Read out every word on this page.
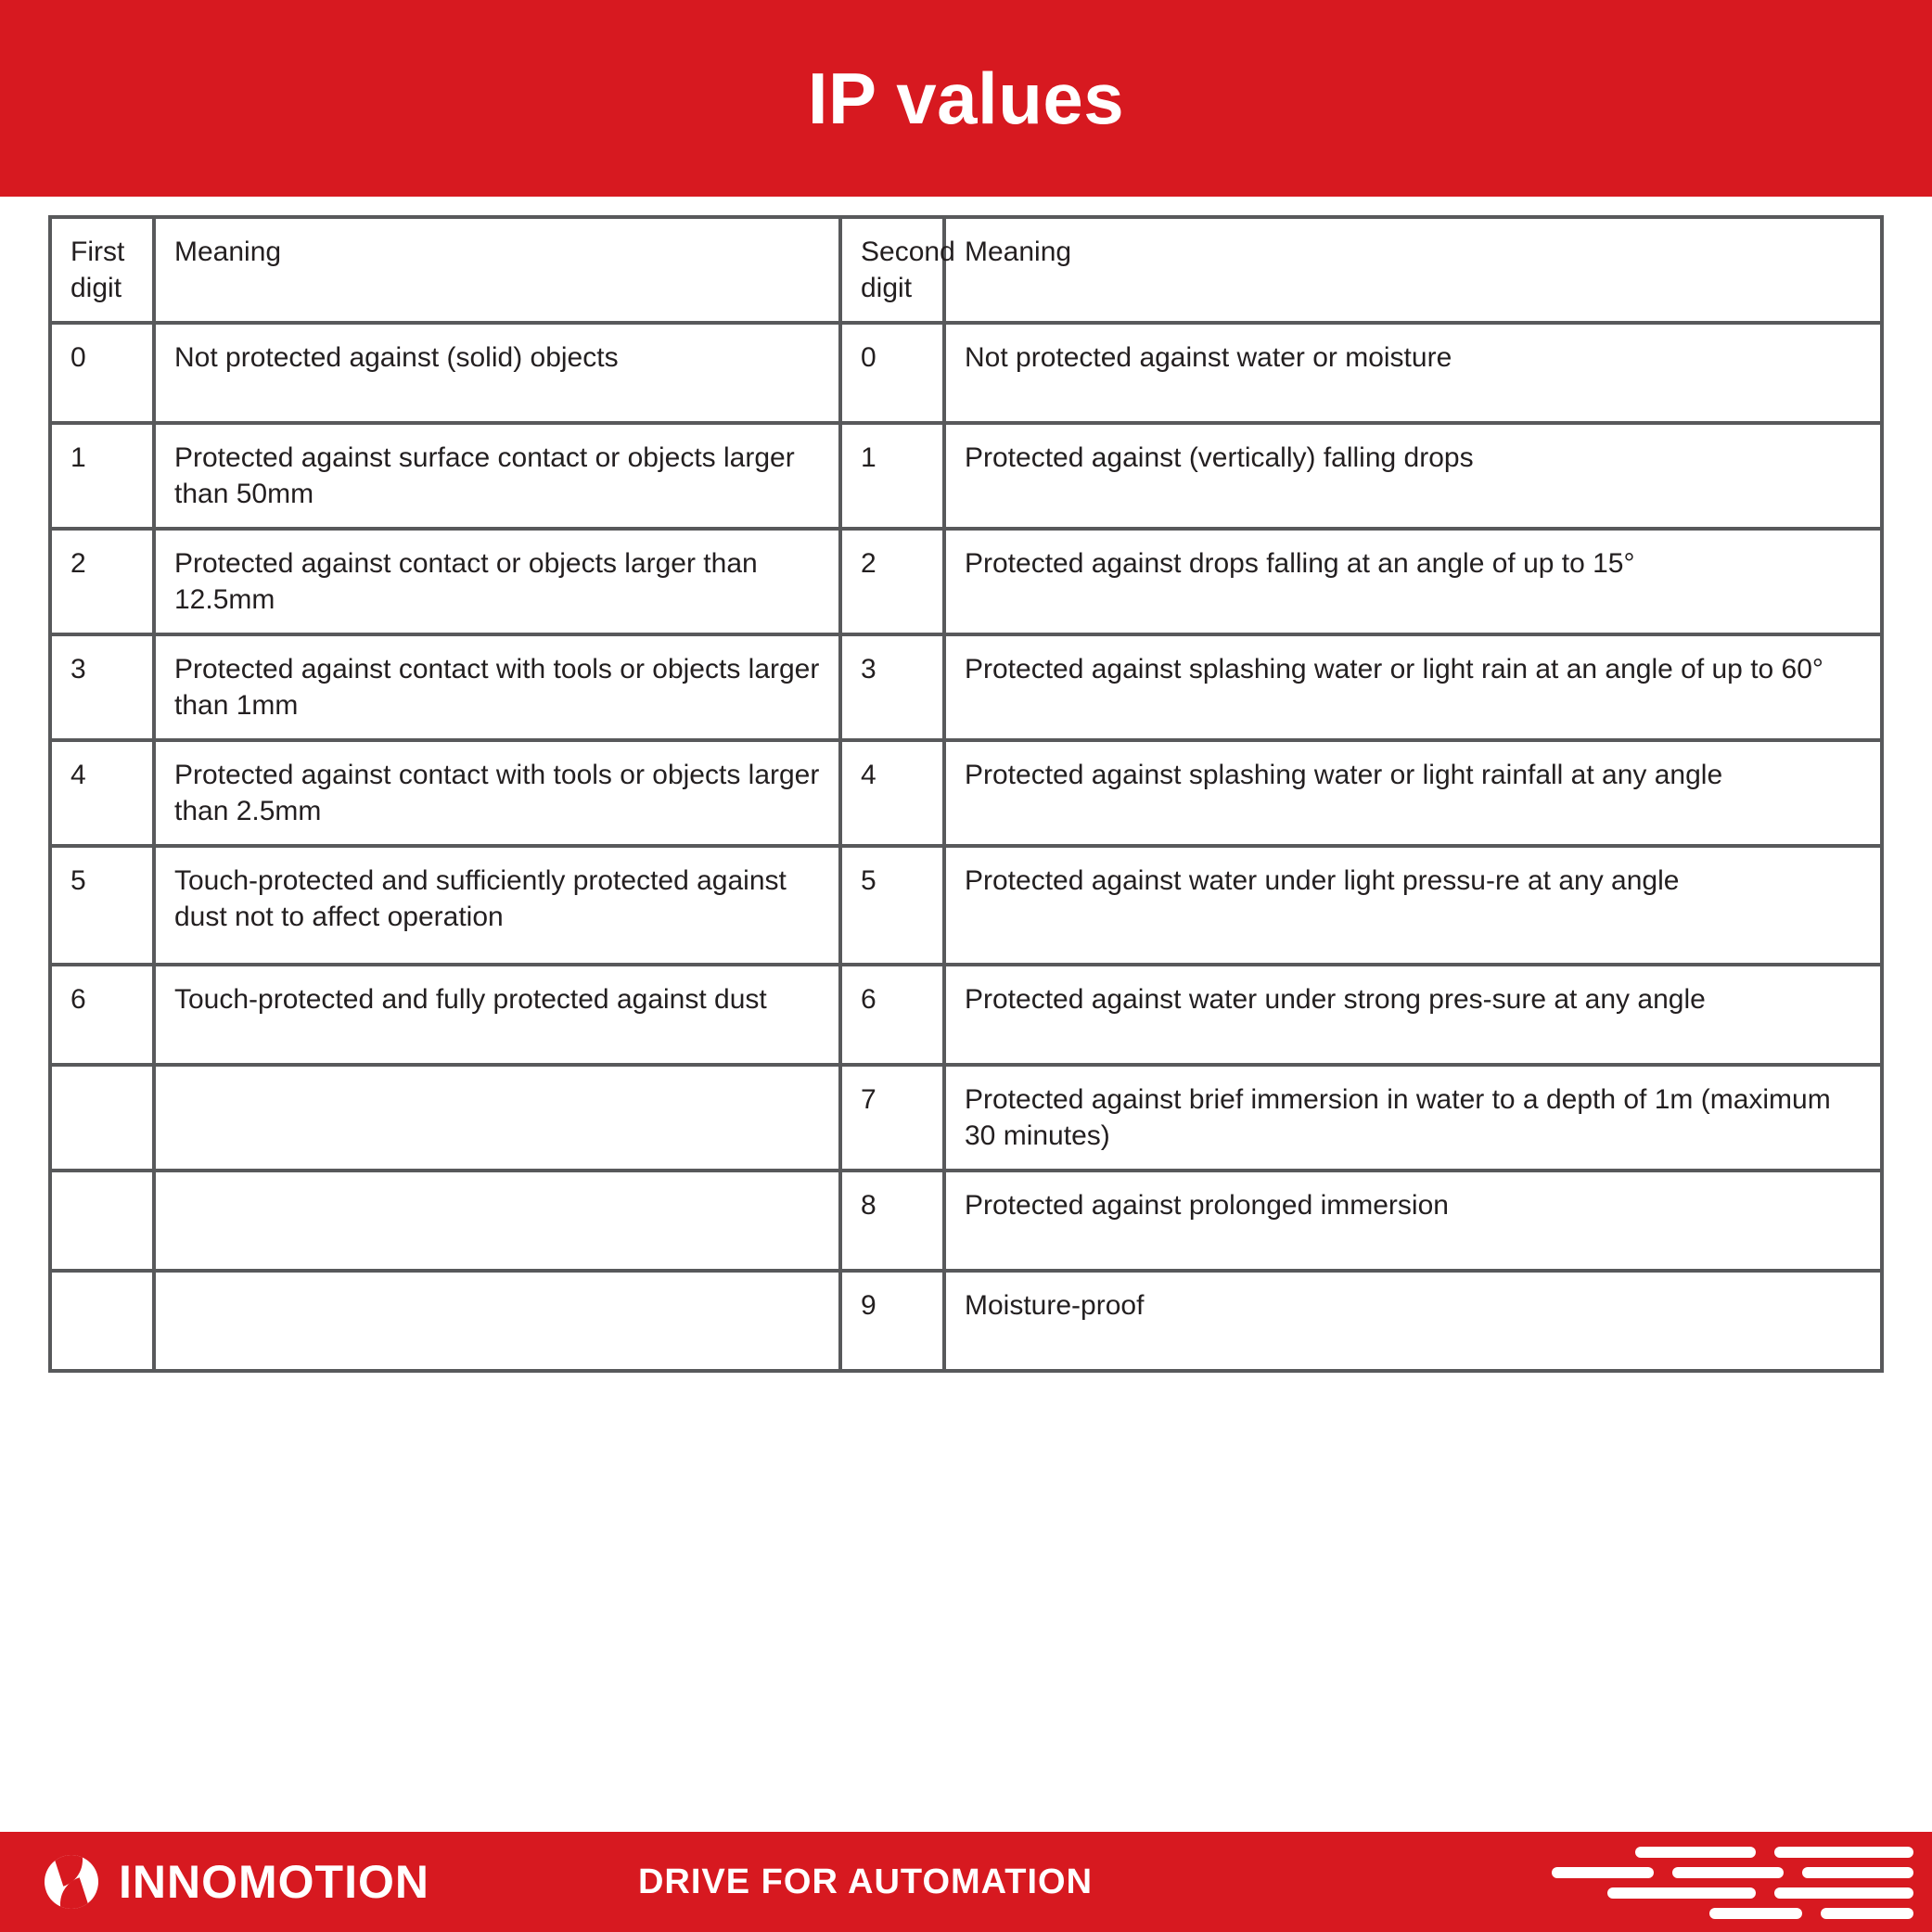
IP values
First digit	Meaning	Second digit	Meaning
0	Not protected against (solid) objects	0	Not protected against water or moisture
1	Protected against surface contact or objects larger than 50mm	1	Protected against (vertically) falling drops
2	Protected against contact or objects larger than 12.5mm	2	Protected against drops falling at an angle of up to 15°
3	Protected against contact with tools or objects larger than 1mm	3	Protected against splashing water or light rain at an angle of up to 60°
4	Protected against contact with tools or objects larger than 2.5mm	4	Protected against splashing water or light rainfall at any angle
5	Touch-protected and sufficiently protected against dust not to affect operation	5	Protected against water under light pressu-re at any angle
6	Touch-protected and fully protected against dust	6	Protected against water under strong pres-sure at any angle
		7	Protected against brief immersion in water to a depth of 1m (maximum 30 minutes)
		8	Protected against prolonged immersion
		9	Moisture-proof
INNOMOTION	DRIVE FOR AUTOMATION
